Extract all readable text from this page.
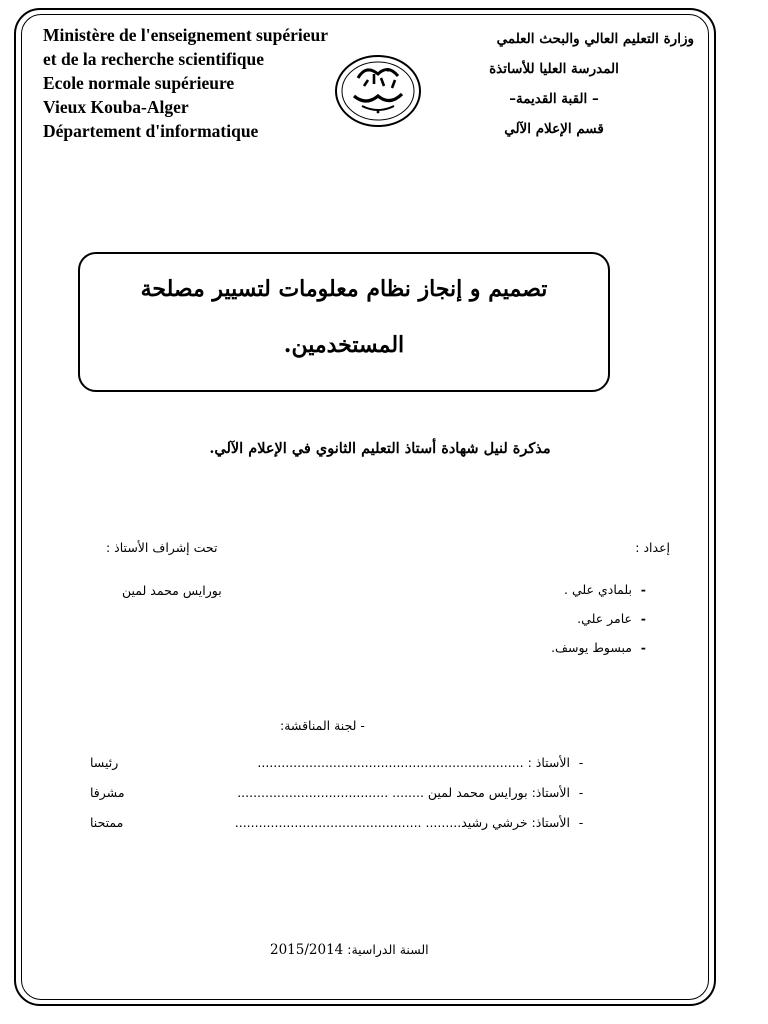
Ministère de l'enseignement supérieur
et de la recherche scientifique
Ecole normale supérieure
Vieux Kouba-Alger
Département d'informatique
وزارة التعليم العالي والبحث العلمي
المدرسة العليا للأساتذة
– القبة القديمة–
قسم الإعلام الآلي
تصميم و إنجاز نظام معلومات لتسيير مصلحة
المستخدمين.
مذكرة لنيل شهادة أستاذ التعليم الثانوي في الإعلام الآلي.
إعداد :
-بلمادي علي .
-عامر علي.
-مبسوط يوسف.
تحت إشراف الأستاذ :
بورايس محمد لمين
- لجنة المناقشة:
-الأستاذ : ...................................................................
رئيسا
-الأستاذ: بورايس محمد لمين ........ ......................................
مشرفا
-الأستاذ: خرشي رشيد......... ...............................................
ممتحنا
السنة الدراسية: 2015/2014
